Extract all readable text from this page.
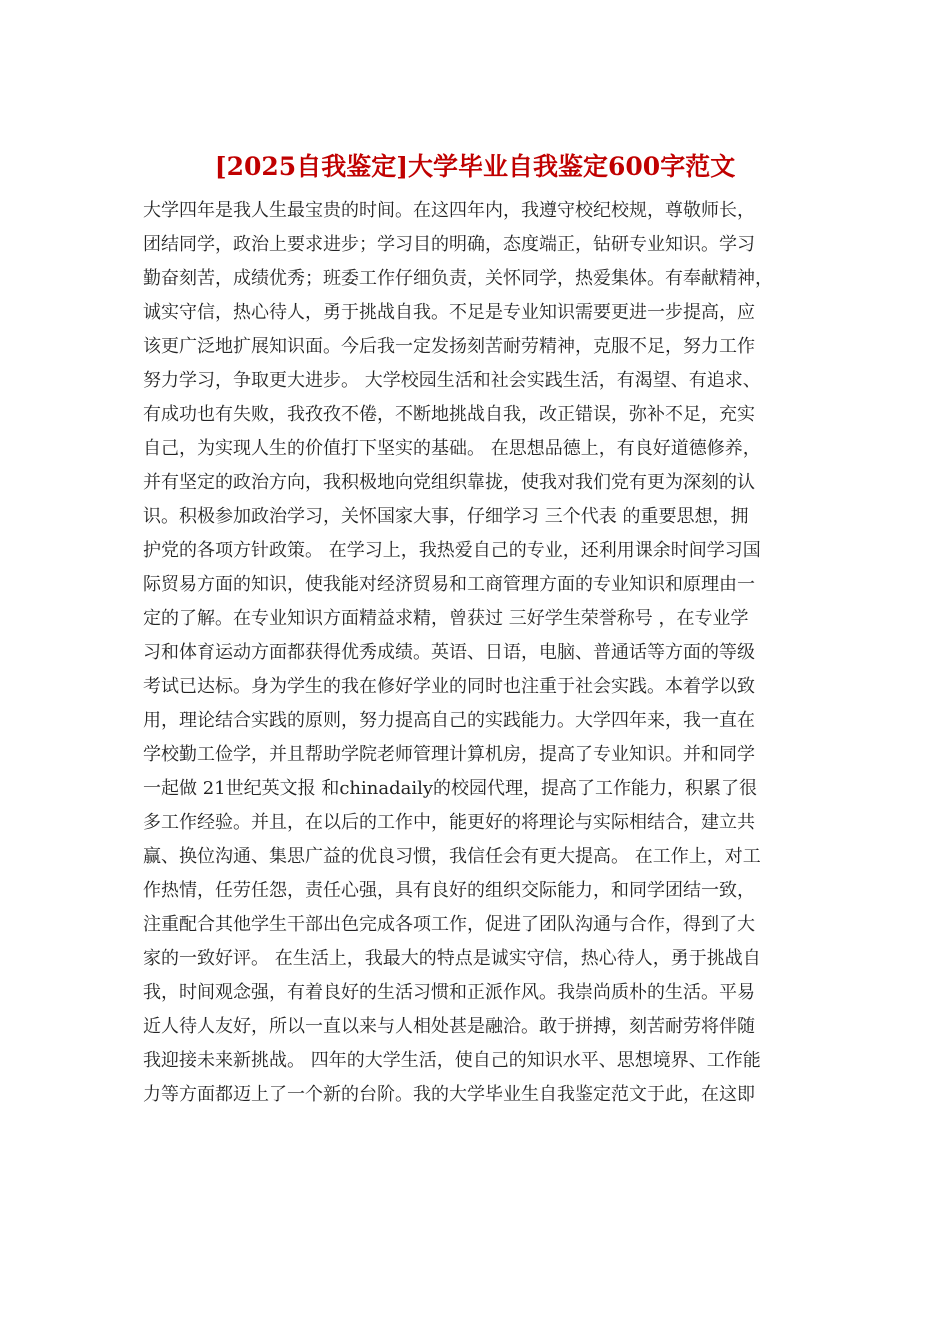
[2025自我鉴定]大学毕业自我鉴定600字范文
大学四年是我人生最宝贵的时间。在这四年内，我遵守校纪校规，尊敬师长，
团结同学，政治上要求进步；学习目的明确，态度端正，钻研专业知识。学习
勤奋刻苦，成绩优秀；班委工作仔细负责，关怀同学，热爱集体。有奉献精神，
诚实守信，热心待人，勇于挑战自我。不足是专业知识需要更进一步提高，应
该更广泛地扩展知识面。今后我一定发扬刻苦耐劳精神，克服不足，努力工作
努力学习，争取更大进步。 大学校园生活和社会实践生活，有渴望、有追求、
有成功也有失败，我孜孜不倦，不断地挑战自我，改正错误，弥补不足，充实
自己，为实现人生的价值打下坚实的基础。 在思想品德上，有良好道德修养，
并有坚定的政治方向，我积极地向党组织靠拢，使我对我们党有更为深刻的认
识。积极参加政治学习，关怀国家大事，仔细学习 三个代表 的重要思想，拥
护党的各项方针政策。 在学习上，我热爱自己的专业，还利用课余时间学习国
际贸易方面的知识，使我能对经济贸易和工商管理方面的专业知识和原理由一
定的了解。在专业知识方面精益求精，曾获过 三好学生荣誉称号 ，在专业学
习和体育运动方面都获得优秀成绩。英语、日语，电脑、普通话等方面的等级
考试已达标。身为学生的我在修好学业的同时也注重于社会实践。本着学以致
用，理论结合实践的原则，努力提高自己的实践能力。大学四年来，我一直在
学校勤工俭学，并且帮助学院老师管理计算机房，提高了专业知识。并和同学
一起做 21世纪英文报 和chinadaily的校园代理，提高了工作能力，积累了很
多工作经验。并且，在以后的工作中，能更好的将理论与实际相结合，建立共
赢、换位沟通、集思广益的优良习惯，我信任会有更大提高。 在工作上，对工
作热情，任劳任怨，责任心强，具有良好的组织交际能力，和同学团结一致，
注重配合其他学生干部出色完成各项工作，促进了团队沟通与合作，得到了大
家的一致好评。 在生活上，我最大的特点是诚实守信，热心待人，勇于挑战自
我，时间观念强，有着良好的生活习惯和正派作风。我崇尚质朴的生活。平易
近人待人友好，所以一直以来与人相处甚是融洽。敢于拼搏，刻苦耐劳将伴随
我迎接未来新挑战。 四年的大学生活，使自己的知识水平、思想境界、工作能
力等方面都迈上了一个新的台阶。我的大学毕业生自我鉴定范文于此，在这即
